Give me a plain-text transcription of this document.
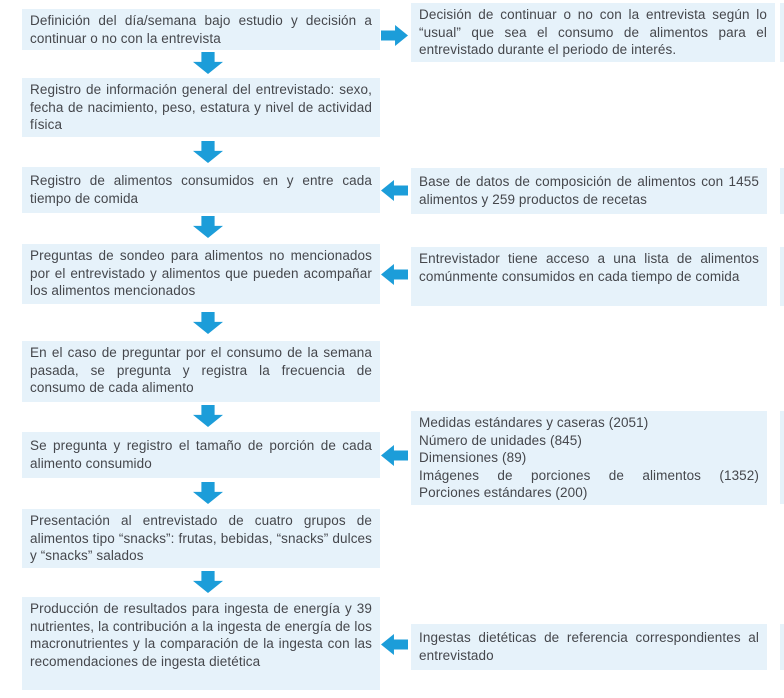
Definición del día/semana bajo estudio y decisión a continuar o no con la entrevista
Registro de información general del entrevistado: sexo, fecha de nacimiento, peso, estatura y nivel de actividad física
Registro de alimentos consumidos en y entre cada tiempo de comida
Preguntas de sondeo para alimentos no mencionados por el entrevistado y alimentos que pueden acompañar los alimentos mencionados
En el caso de preguntar por el consumo de la semana pasada, se pregunta y registra la frecuencia de consumo de cada alimento
Se pregunta y registro el tamaño de porción de cada alimento consumido
Presentación al entrevistado de cuatro grupos de alimentos tipo “snacks”: frutas, bebidas, “snacks” dulces y “snacks” salados
Producción de resultados para ingesta de energía y 39 nutrientes, la contribución a la ingesta de energía de los macronutrientes y la comparación de la ingesta con las recomendaciones de ingesta dietética
Decisión de continuar o no con la entrevista según lo “usual” que sea el consumo de alimentos para el entrevistado durante el periodo de interés.
Base de datos de composición de alimentos con 1455 alimentos y 259 productos de recetas
Entrevistador tiene acceso a una lista de alimentos comúnmente consumidos en cada tiempo de comida
Medidas estándares y caseras (2051)
Número de unidades (845)
Dimensiones (89)
Imágenes de porciones de alimentos (1352)
Porciones estándares (200)
Ingestas dietéticas de referencia correspondientes al entrevistado
